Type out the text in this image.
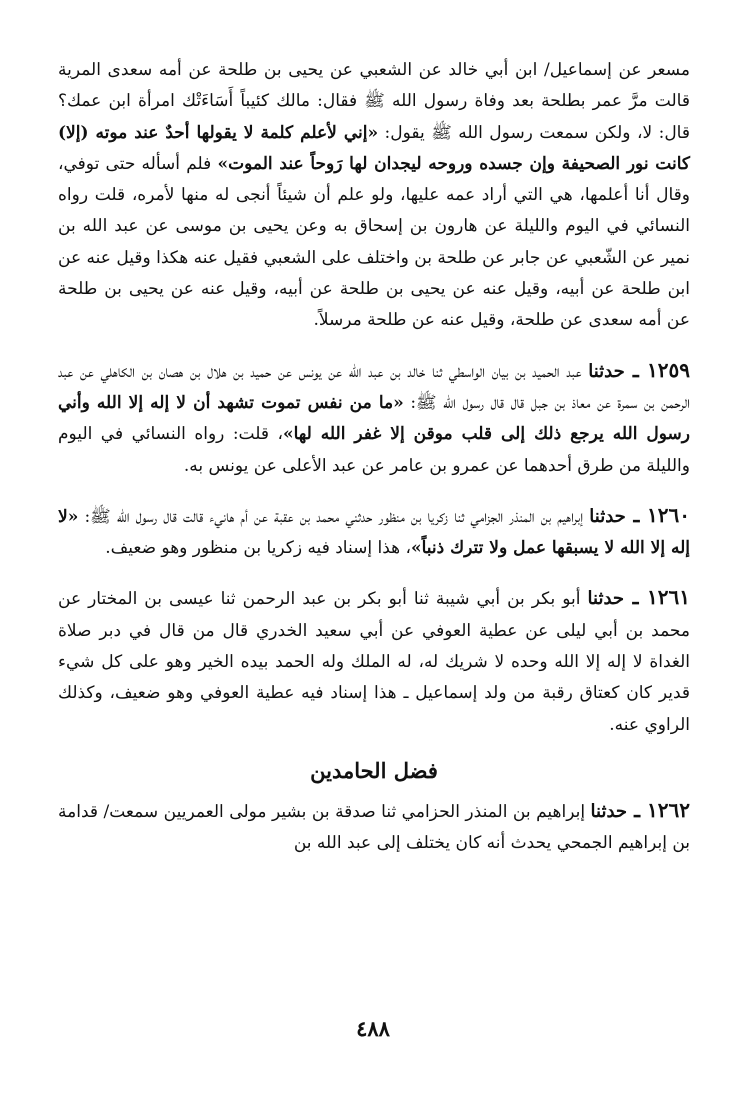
مسعر عن إسماعيل/ ابن أبي خالد عن الشعبي عن يحيى بن طلحة عن أمه سعدى المرية قالت مرَّ عمر بطلحة بعد وفاة رسول الله ﷺ فقال: مالك كئيباً أَسَاءَتْك امرأة ابن عمك؟ قال: لا، ولكن سمعت رسول الله ﷺ يقول: «إني لأعلم كلمة لا يقولها أحدٌ عند موته (إلا) كانت نور الصحيفة وإن جسده وروحه ليجدان لها رَوحاً عند الموت» فلم أسأله حتى توفي، وقال أنا أعلمها، هي التي أراد عمه عليها، ولو علم أن شيئاً أنجى له منها لأمره، قلت رواه النسائي في اليوم والليلة عن هارون بن إسحاق به وعن يحيى بن موسى عن عبد الله بن نمير عن الشّعبي عن جابر عن طلحة بن واختلف على الشعبي فقيل عنه هكذا وقيل عنه عن ابن طلحة عن أبيه، وقيل عنه عن يحيى بن طلحة عن أبيه، وقيل عنه عن يحيى بن طلحة عن أمه سعدى عن طلحة، وقيل عنه عن طلحة مرسلاً.

١٢٥٩ ـ حدثنا عبد الحميد بن بيان الواسطي ثنا خالد بن عبد الله عن يونس عن حميد بن هلال بن هصان بن الكاهلي عن عبد الرحمن بن سمرة عن معاذ بن جبل قال قال رسول الله ﷺ: «ما من نفس تموت تشهد أن لا إله إلا الله وأني رسول الله يرجع ذلك إلى قلب موقن إلا غفر الله لها»، قلت: رواه النسائي في اليوم والليلة من طرق أحدهما عن عمرو بن عامر عن عبد الأعلى عن يونس به.

١٢٦٠ ـ حدثنا إبراهيم بن المنذر الجزامي ثنا زكريا بن منظور حدثني محمد بن عقبة عن أم هانيء قالت قال رسول الله ﷺ: «لا إله إلا الله لا يسبقها عمل ولا تترك ذنباً»، هذا إسناد فيه زكريا بن منظور وهو ضعيف.

١٢٦١ ـ حدثنا أبو بكر بن أبي شيبة ثنا أبو بكر بن عبد الرحمن ثنا عيسى بن المختار عن محمد بن أبي ليلى عن عطية العوفي عن أبي سعيد الخدري قال من قال في دبر صلاة الغداة لا إله إلا الله وحده لا شريك له، له الملك وله الحمد بيده الخير وهو على كل شيء قدير كان كعتاق رقبة من ولد إسماعيل ـ هذا إسناد فيه عطية العوفي وهو ضعيف، وكذلك الراوي عنه.

فضل الحامدين

١٢٦٢ ـ حدثنا إبراهيم بن المنذر الحزامي ثنا صدقة بن بشير مولى العمريين سمعت/ قدامة بن إبراهيم الجمحي يحدث أنه كان يختلف إلى عبد الله بن

٤٨٨
